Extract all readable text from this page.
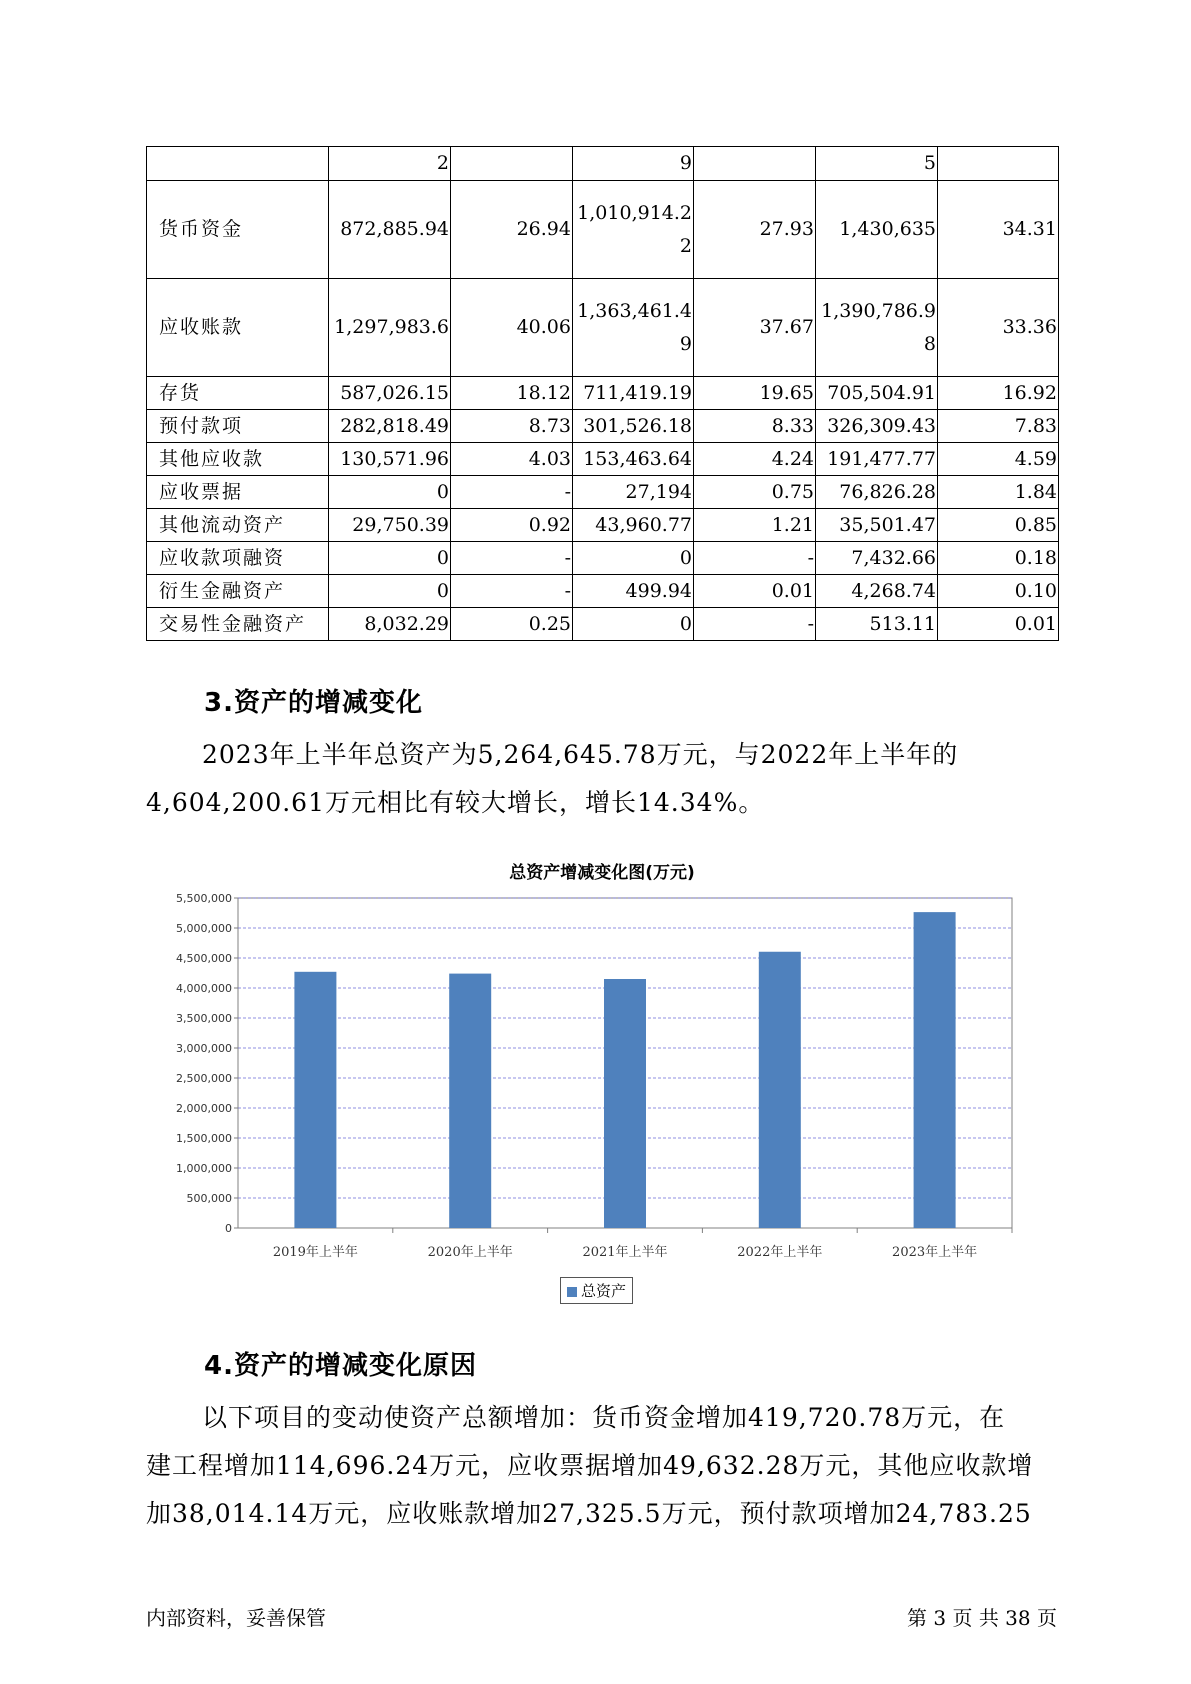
	2		9		5	
货币资金	872,885.94	26.94	1,010,914.22	27.93	1,430,635	34.31
应收账款	1,297,983.6	40.06	1,363,461.49	37.67	1,390,786.98	33.36
存货	587,026.15	18.12	711,419.19	19.65	705,504.91	16.92
预付款项	282,818.49	8.73	301,526.18	8.33	326,309.43	7.83
其他应收款	130,571.96	4.03	153,463.64	4.24	191,477.77	4.59
应收票据	0	-	27,194	0.75	76,826.28	1.84
其他流动资产	29,750.39	0.92	43,960.77	1.21	35,501.47	0.85
应收款项融资	0	-	0	-	7,432.66	0.18
衍生金融资产	0	-	499.94	0.01	4,268.74	0.10
交易性金融资产	8,032.29	0.25	0	-	513.11	0.01
3.资产的增减变化
2023年上半年总资产为5,264,645.78万元，与2022年上半年的
4,604,200.61万元相比有较大增长，增长14.34%。
总资产增减变化图(万元)
0
500,000
1,000,000
1,500,000
2,000,000
2,500,000
3,000,000
3,500,000
4,000,000
4,500,000
5,000,000
5,500,000
2019年上半年	2020年上半年	2021年上半年	2022年上半年	2023年上半年
总资产
4.资产的增减变化原因
以下项目的变动使资产总额增加：货币资金增加419,720.78万元，在
建工程增加114,696.24万元，应收票据增加49,632.28万元，其他应收款增
加38,014.14万元，应收账款增加27,325.5万元，预付款项增加24,783.25
内部资料，妥善保管	第 3 页 共 38 页
